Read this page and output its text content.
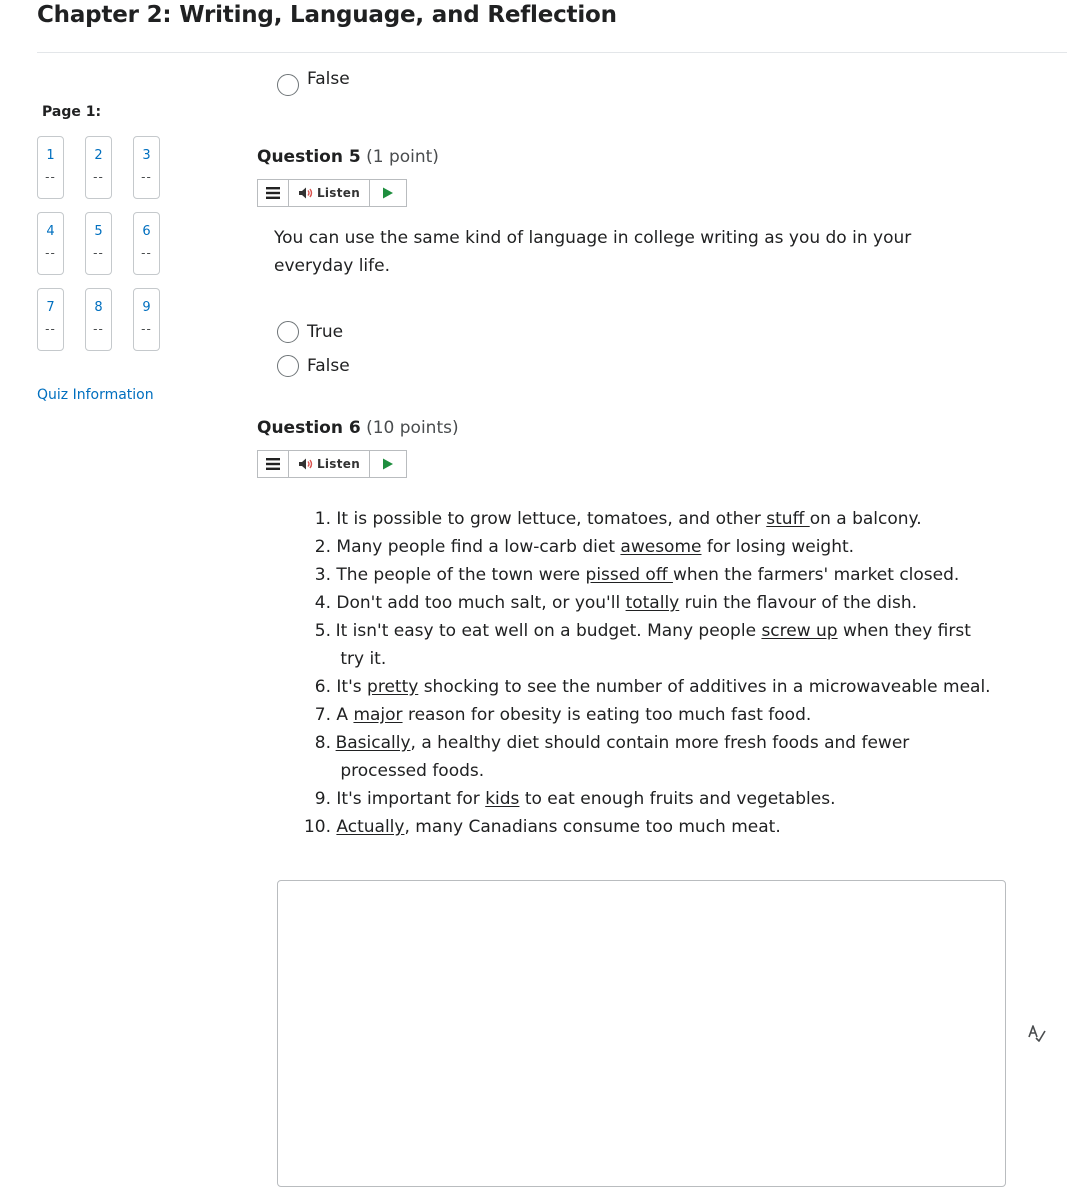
Chapter 2: Writing, Language, and Reflection
Page 1:
1
--
2
--
3
--
4
--
5
--
6
--
7
--
8
--
9
--
Quiz Information
False
Question 5 (1 point)
Listen

You can use the same kind of language in college writing as you do in your everyday life.

True
False
Question 6 (10 points)
Listen
1. It is possible to grow lettuce, tomatoes, and other stuff on a balcony.
2. Many people find a low-carb diet awesome for losing weight.
3. The people of the town were pissed off when the farmers' market closed.
4. Don't add too much salt, or you'll totally ruin the flavour of the dish.
5. It isn't easy to eat well on a budget. Many people screw up when they first try it.
6. It's pretty shocking to see the number of additives in a microwaveable meal.
7. A major reason for obesity is eating too much fast food.
8. Basically, a healthy diet should contain more fresh foods and fewer processed foods.
9. It's important for kids to eat enough fruits and vegetables.
10. Actually, many Canadians consume too much meat.
